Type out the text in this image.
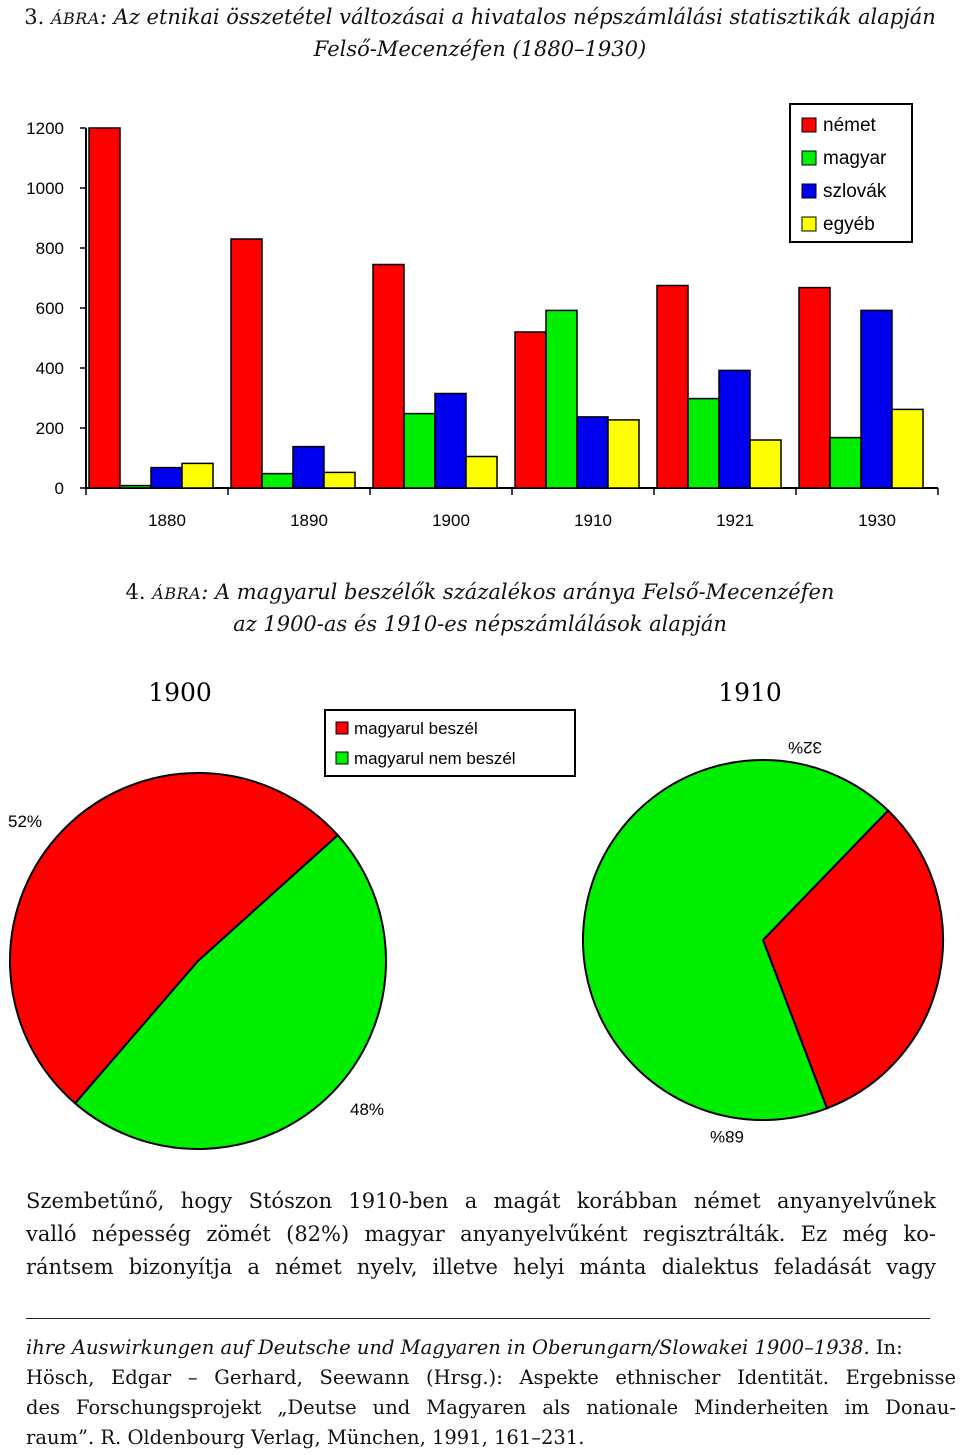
3. ÁBRA: Az etnikai összetétel változásai a hivatalos népszámlálási statisztikák alapján
Felső-Mecenzéfen (1880–1930)
0
200
400
600
800
1000
1200
1880	1890	1900	1910	1921	1930
német
magyar
szlovák
egyéb
4. ÁBRA: A magyarul beszélők százalékos aránya Felső-Mecenzéfen
az 1900-as és 1910-es népszámlálások alapján
1900	1910
magyarul beszél
magyarul nem beszél
52%
48%
32%
68%
Szembetűnő, hogy Stószon 1910-ben a magát korábban német anyanyelvűnek
valló népesség zömét (82%) magyar anyanyelvűként regisztrálták. Ez még ko-
rántsem bizonyítja a német nyelv, illetve helyi mánta dialektus feladását vagy

ihre Auswirkungen auf Deutsche und Magyaren in Oberungarn/Slowakei 1900–1938. In:

Hösch, Edgar – Gerhard, Seewann (Hrsg.): Aspekte ethnischer Identität. Ergebnisse

des Forschungsprojekt „Deutse und Magyaren als nationale Minderheiten im Donau-

raum”. R. Oldenbourg Verlag, München, 1991, 161–231.
